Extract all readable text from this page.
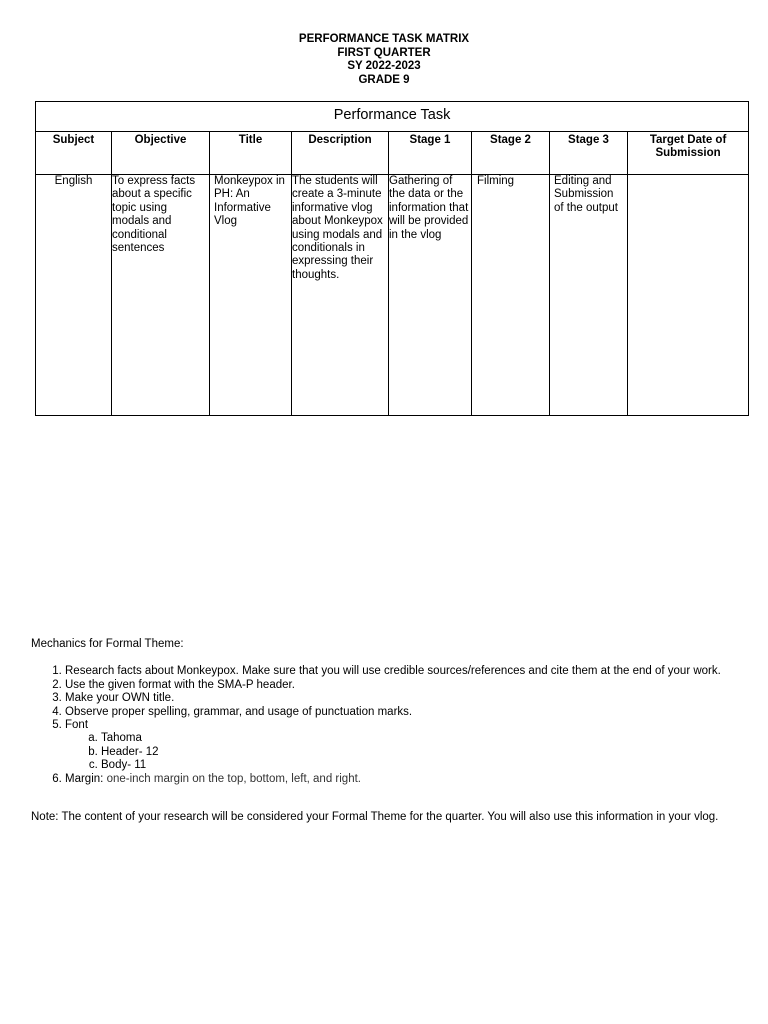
PERFORMANCE TASK MATRIX
FIRST QUARTER
SY 2022-2023
GRADE 9
Performance Task							
Subject	Objective	Title	Description	Stage 1	Stage 2	Stage 3	Target Date of Submission
English	To express facts about a specific topic using modals and conditional sentences	Monkeypox in PH: An Informative Vlog	The students will create a 3-minute informative vlog about Monkeypox using modals and conditionals in expressing their thoughts.	Gathering of the data or the information that will be provided in the vlog	Filming	Editing and Submission of the output	

Mechanics for Formal Theme:

1. Research facts about Monkeypox. Make sure that you will use credible sources/references and cite them at the end of your work.
2. Use the given format with the SMA-P header.
3. Make your OWN title.
4. Observe proper spelling, grammar, and usage of punctuation marks.
5. Font
a. Tahoma
b. Header- 12
c. Body- 11
6. Margin: one-inch margin on the top, bottom, left, and right.
Note: The content of your research will be considered your Formal Theme for the quarter. You will also use this information in your vlog.
